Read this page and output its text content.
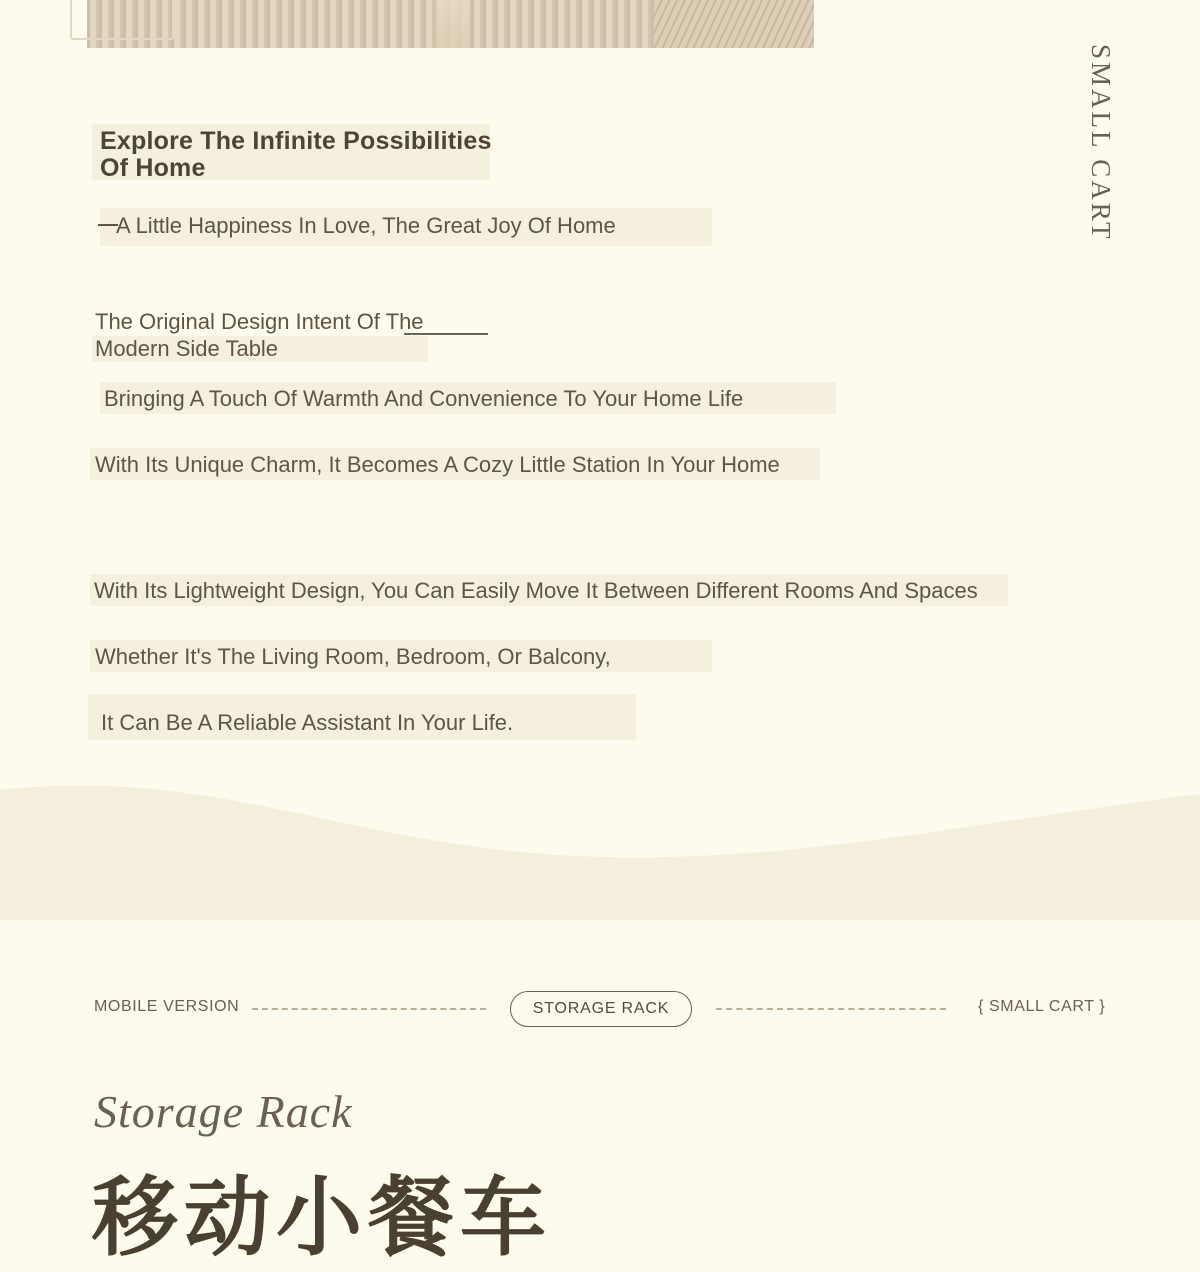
SMALL CART
Explore The Infinite Possibilities
Of Home
A Little Happiness In Love, The Great Joy Of Home
The Original Design Intent Of The
Modern Side Table
Bringing A Touch Of Warmth And Convenience To Your Home Life
With Its Unique Charm, It Becomes A Cozy Little Station In Your Home
With Its Lightweight Design, You Can Easily Move It Between Different Rooms And Spaces
Whether It's The Living Room, Bedroom, Or Balcony,
It Can Be A Reliable Assistant In Your Life.
MOBILE VERSION	STORAGE RACK	{ SMALL CART }
Storage Rack
移动小餐车
